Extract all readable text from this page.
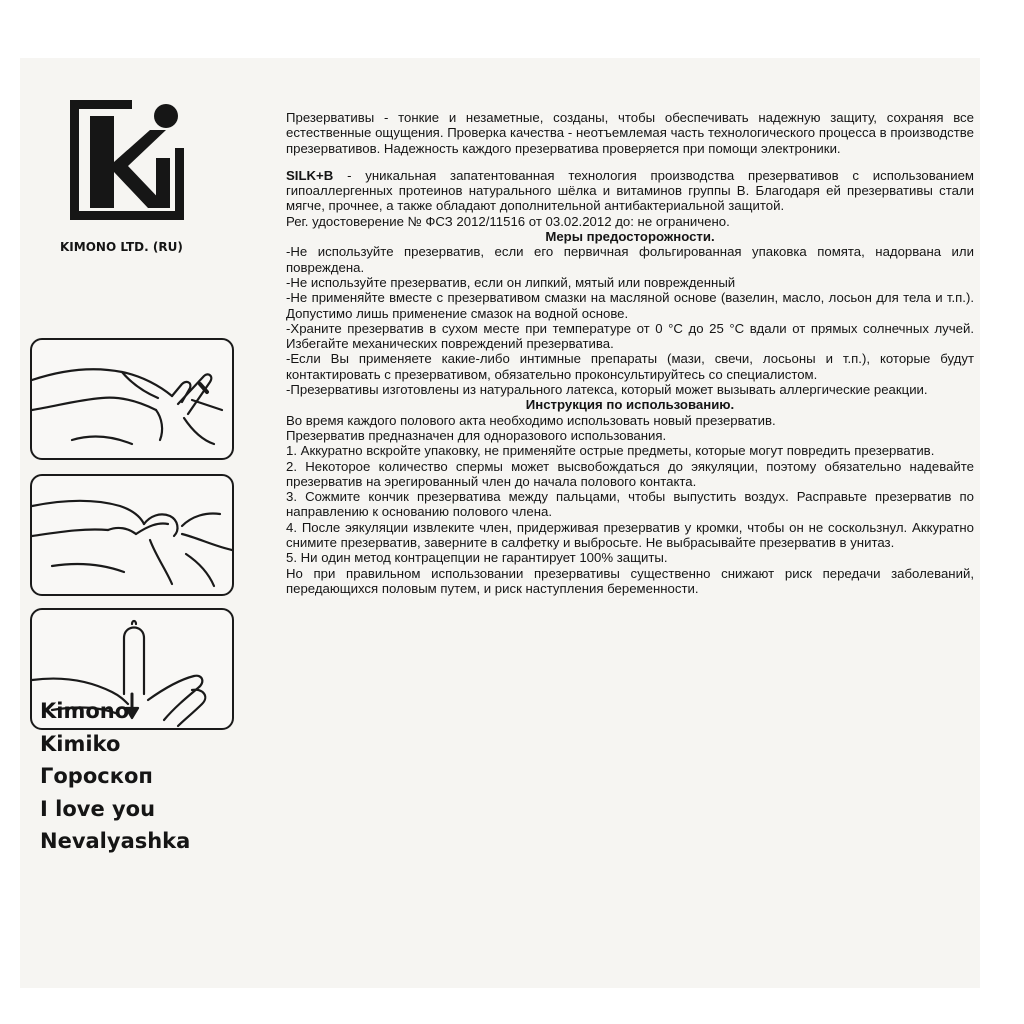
KIMONO LTD. (RU)

Kimono

Kimiko

Гороскоп

I love you

Nevalyashka

Презервативы - тонкие и незаметные, созданы, чтобы обеспечивать надежную защиту, сохраняя все естественные ощущения. Проверка качества - неотъемлемая часть технологического процесса в производстве презервативов. Надежность каждого презерватива проверяется при помощи электроники.

SILK+B - уникальная запатентованная технология производства презервативов с использованием гипоаллергенных протеинов натурального шёлка и витаминов группы В. Благодаря ей презервативы стали мягче, прочнее, а также обладают дополнительной антибактериальной защитой.

Рег. удостоверение № ФСЗ 2012/11516 от 03.02.2012 до: не ограничено.

Меры предосторожности.

-Не используйте презерватив, если его первичная фольгированная упаковка помята, надорвана или повреждена.

-Не используйте презерватив, если он липкий, мятый или поврежденный

-Не применяйте вместе с презервативом смазки на масляной основе (вазелин, масло, лосьон для тела и т.п.). Допустимо лишь применение смазок на водной основе.

-Храните презерватив в сухом месте при температуре от 0 °С до 25 °С вдали от прямых солнечных лучей. Избегайте механических повреждений презерватива.

-Если Вы применяете какие-либо интимные препараты (мази, свечи, лосьоны и т.п.), которые будут контактировать с презервативом, обязательно проконсультируйтесь со специалистом.

-Презервативы изготовлены из натурального латекса, который может вызывать аллергические реакции.

Инструкция по использованию.

Во время каждого полового акта необходимо использовать новый презерватив.

Презерватив предназначен для одноразового использования.

1. Аккуратно вскройте упаковку, не применяйте острые предметы, которые могут повредить презерватив.

2. Некоторое количество спермы может высвобождаться до эякуляции, поэтому обязательно надевайте презерватив на эрегированный член до начала полового контакта.

3. Сожмите кончик презерватива между пальцами, чтобы выпустить воздух. Расправьте презерватив по направлению к основанию полового члена.

4. После эякуляции извлеките член, придерживая презерватив у кромки, чтобы он не соскользнул. Аккуратно снимите презерватив, заверните в салфетку и выбросьте. Не выбрасывайте презерватив в унитаз.

5. Ни один метод контрацепции не гарантирует 100% защиты.

Но при правильном использовании презервативы существенно снижают риск передачи заболеваний, передающихся половым путем, и риск наступления беременности.
